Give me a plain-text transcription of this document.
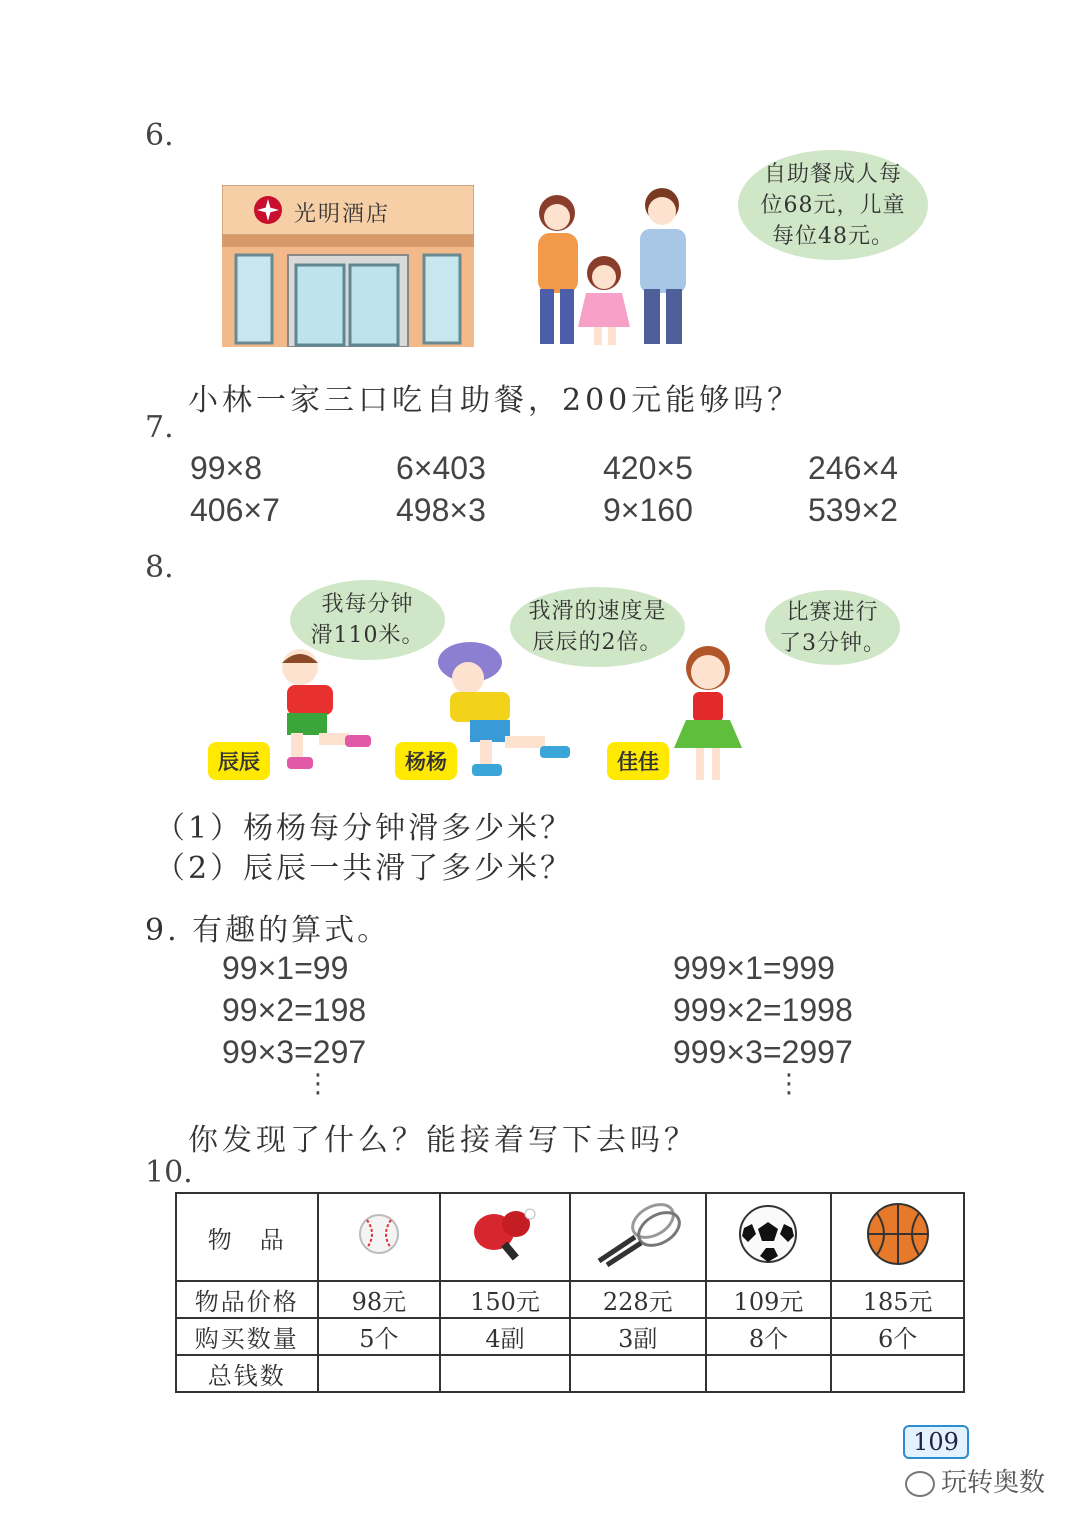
6.
光明酒店
自助餐成人每
位68元，儿童
每位48元。
小林一家三口吃自助餐，200元能够吗？
7.
99×8	6×403	420×5	246×4
406×7	498×3	9×160	539×2
8.
我每分钟
滑110米。
我滑的速度是
辰辰的2倍。
比赛进行
了3分钟。
辰辰	杨杨	佳佳
（1）杨杨每分钟滑多少米？
（2）辰辰一共滑了多少米？
9. 有趣的算式。
99×1=99
99×2=198
99×3=297
⋮
999×1=999
999×2=1998
999×3=2997
⋮
你发现了什么？能接着写下去吗？
10.
物　品					
物品价格	98元	150元	228元	109元	185元
购买数量	5个	4副	3副	8个	6个
总钱数					
109
玩转奥数
